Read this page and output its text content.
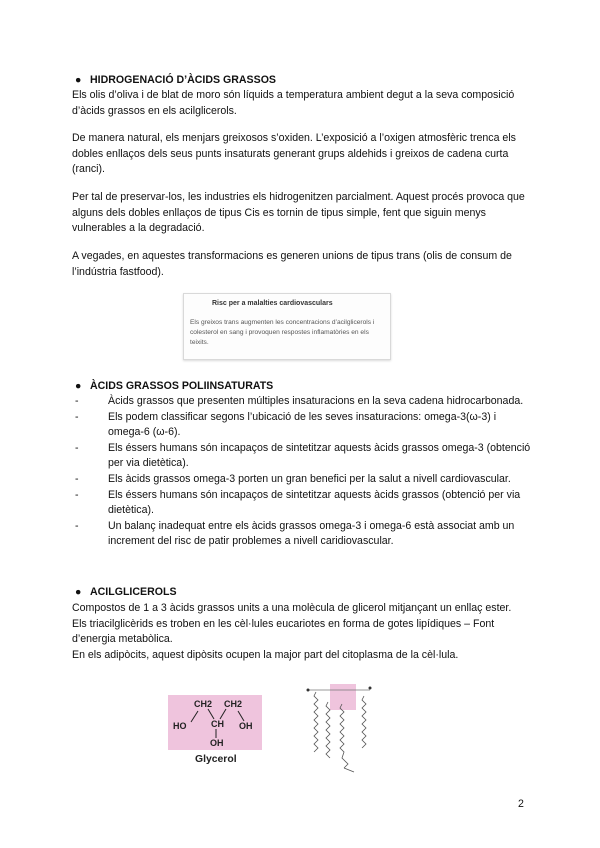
● HIDROGENACIÓ D’ÀCIDS GRASSOS

Els olis d’oliva i de blat de moro són líquids a temperatura ambient degut a la seva composició d’àcids grassos en els acilglicerols.

De manera natural, els menjars greixosos s’oxiden. L’exposició a l’oxigen atmosfèric trenca els dobles enllaços dels seus punts insaturats generant grups aldehids i greixos de cadena curta (ranci).

Per tal de preservar-los, les industries els hidrogenitzen parcialment. Aquest procés provoca que alguns dels dobles enllaços de tipus Cis es tornin de tipus simple, fent que siguin menys vulnerables a la degradació.

A vegades, en aquestes transformacions es generen unions de tipus trans (olis de consum de l’indústria fastfood).

Risc per a malalties cardiovasculars
Els greixos trans augmenten les concentracions d’acilglicerols i colesterol en sang i provoquen respostes inflamatòries en els teixits.
● ÀCIDS GRASSOS POLIINSATURATS
-	Àcids grassos que presenten múltiples insaturacions en la seva cadena hidrocarbonada.
-	Els podem classificar segons l’ubicació de les seves insaturacions: omega-3(ω-3) i omega-6 (ω-6).
-	Els éssers humans són incapaços de sintetitzar aquests àcids grassos omega-3 (obtenció per via dietètica).
-	Els àcids grassos omega-3 porten un gran benefici per la salut a nivell cardiovascular.
-	Els éssers humans són incapaços de sintetitzar aquests àcids grassos (obtenció per via dietètica).
-	Un balanç inadequat entre els àcids grassos omega-3 i omega-6 està associat amb un increment del risc de patir problemes a nivell caridiovascular.
● ACILGLICEROLS

Compostos de 1 a 3 àcids grassos units a una molècula de glicerol mitjançant un enllaç ester.

Els triacilglicèrids es troben en les cèl·lules eucariotes en forma de gotes lipídiques – Font d’energia metabòlica.

En els adipòcits, aquest dipòsits ocupen la major part del citoplasma de la cèl·lula.

CH2 CH2
CH
HO	OH
OH
Glycerol
2
